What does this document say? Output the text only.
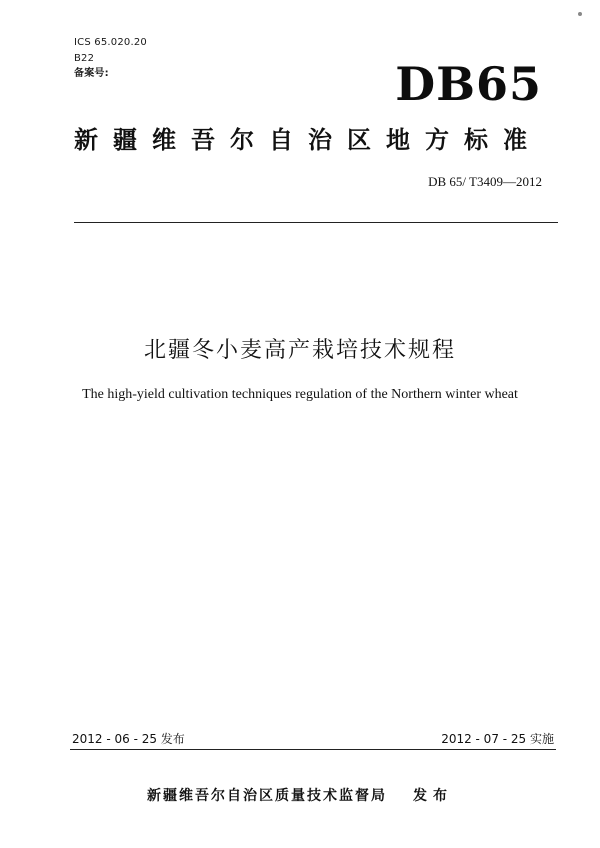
ICS 65.020.20
B22
备案号:	DB65
新疆维吾尔自治区地方标准
DB 65/ T3409—2012
北疆冬小麦高产栽培技术规程
The high-yield cultivation techniques regulation of the Northern winter wheat
2012 - 06 - 25 发布	2012 - 07 - 25 实施
新疆维吾尔自治区质量技术监督局 发布
